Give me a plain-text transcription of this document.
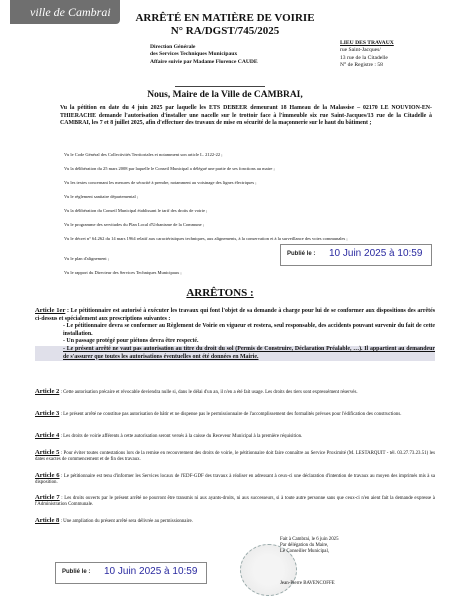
ville de Cambrai	ARRÊTÉ EN MATIÈRE DE VOIRIE
N° RA/DGST/745/2025
Direction Générale
des Services Techniques Municipaux
Affaire suivie par Madame Florence CAUDE
LIEU DES TRAVAUX
rue Saint-Jacques/
13 rue de la Citadelle
N° de Registre : 58
Nous, Maire de la Ville de CAMBRAI,
Vu la pétition en date du 4 juin 2025 par laquelle les ETS DEBEER demeurant 18 Hameau de la Malassise – 02170 LE NOUVION-EN-THIERACHE demande l'autorisation d'installer une nacelle sur le trottoir face à l'immeuble six rue Saint-Jacques/13 rue de la Citadelle à CAMBRAI, les 7 et 8 juillet 2025, afin d'effectuer des travaux de mise en sécurité de la maçonnerie sur le haut du bâtiment ;
Vu le Code Général des Collectivités Territoriales et notamment son article L. 2122-22 ;
Vu la délibération du 25 mars 2008 par laquelle le Conseil Municipal a délégué une partie de ses fonctions au maire ;
Vu les textes concernant les mesures de sécurité à prendre, notamment au voisinage des lignes électriques ;
Vu le règlement sanitaire départemental ;
Vu la délibération du Conseil Municipal établissant le tarif des droits de voirie ;
Vu le programme des servitudes du Plan Local d'Urbanisme de la Commune ;
Vu le décret n° 64.262 du 14 mars 1964 relatif aux caractéristiques techniques, aux alignements, à la conservation et à la surveillance des voies communales ;
Vu le plan d'alignement ;
Vu le rapport du Directeur des Services Techniques Municipaux ;
Publié le : 10 Juin 2025 à 10:59
ARRÊTONS :
Article 1er : Le pétitionnaire est autorisé à exécuter les travaux qui font l'objet de sa demande à charge pour lui de se conformer aux dispositions des arrêtés ci-dessus et spécialement aux prescriptions suivantes :
- Le pétitionnaire devra se conformer au Règlement de Voirie en vigueur et restera, seul responsable, des accidents pouvant survenir du fait de cette installation.
- Un passage protégé pour piétons devra être respecté.
- Le présent arrêté ne vaut pas autorisation au titre du droit du sol (Permis de Construire, Déclaration Préalable, …). Il appartient au demandeur de s'assurer que toutes les autorisations éventuelles ont été données en Mairie.
Article 2 : Cette autorisation précaire et révocable deviendra nulle si, dans le délai d'un an, il n'en a été fait usage. Les droits des tiers sont expressément réservés.
Article 3 : Le présent arrêté ne constitue pas autorisation de bâtir et ne dispense pas le permissionnaire de l'accomplissement des formalités prévues pour l'édification des constructions.
Article 4 : Les droits de voirie afférents à cette autorisation seront versés à la caisse du Receveur Municipal à la première réquisition.
Article 5 : Pour éviter toutes contestations lors de la remise en recouvrement des droits de voirie, le pétitionnaire doit faire connaître au Service Proximité (M. LESTARQUIT - tél. 03.27.73.23.51) les dates exactes de commencement et de fin des travaux.
Article 6 : Le pétitionnaire est tenu d'informer les Services locaux de l'EDF-GDF des travaux à réaliser en adressant à ceux-ci une déclaration d'intention de travaux au moyen des imprimés mis à sa disposition.
Article 7 : Les droits ouverts par le présent arrêté ne pourront être transmis ni aux ayants-droits, ni aux successeurs, si à toute autre personne sans que ceux-ci n'en aient fait la demande expresse à l'Administration Communale.
Article 8 : Une ampliation du présent arrêté sera délivrée au permissionnaire.
Fait à Cambrai, le 6 juin 2025
Par délégation du Maire,
Le Conseiller Municipal,
Jean-Pierre BAVENCOFFE
Publié le : 10 Juin 2025 à 10:59
